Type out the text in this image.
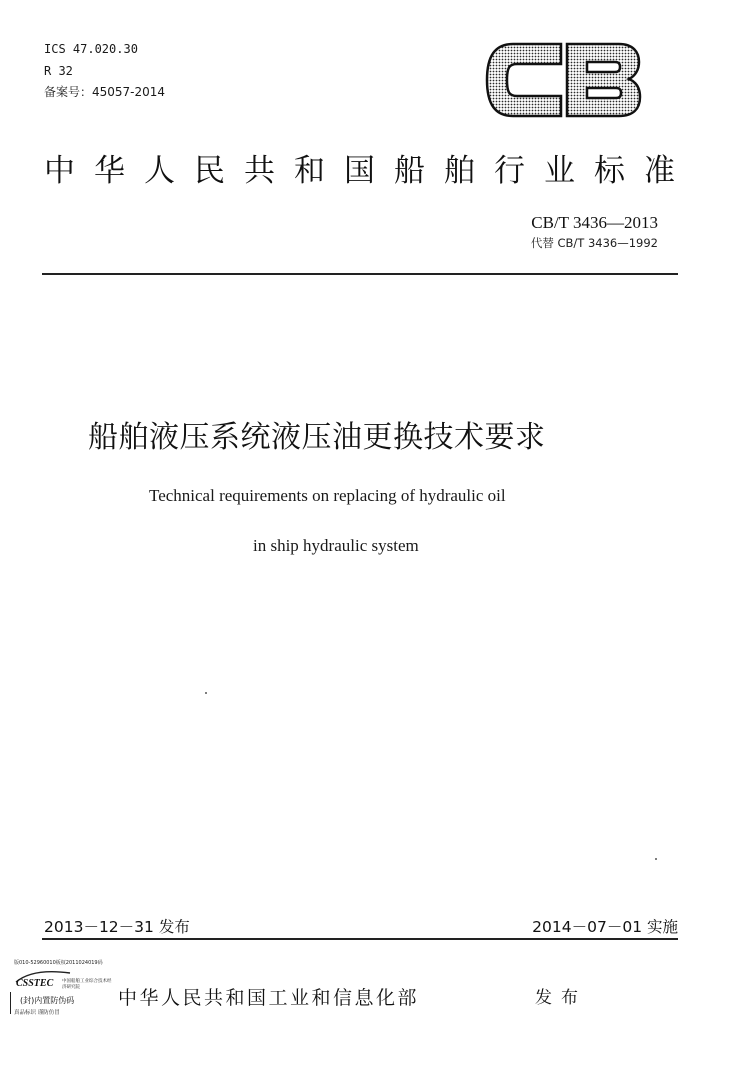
ICS 47.020.30
R 32
备案号：45057-2014
中华人民共和国船舶行业标准
CB/T 3436—2013
代替 CB/T 3436—1992
船舶液压系统液压油更换技术要求
Technical requirements on replacing of hydraulic oil
in ship hydraulic system
2013－12－31 发布	2014－07－01 实施
版010-52960010板权2011024019码
CSSTEC 中国船舶工业综合技术经济研究院
(封)内置防伪码
真品标识 谨防仿冒
中华人民共和国工业和信息化部	发布
